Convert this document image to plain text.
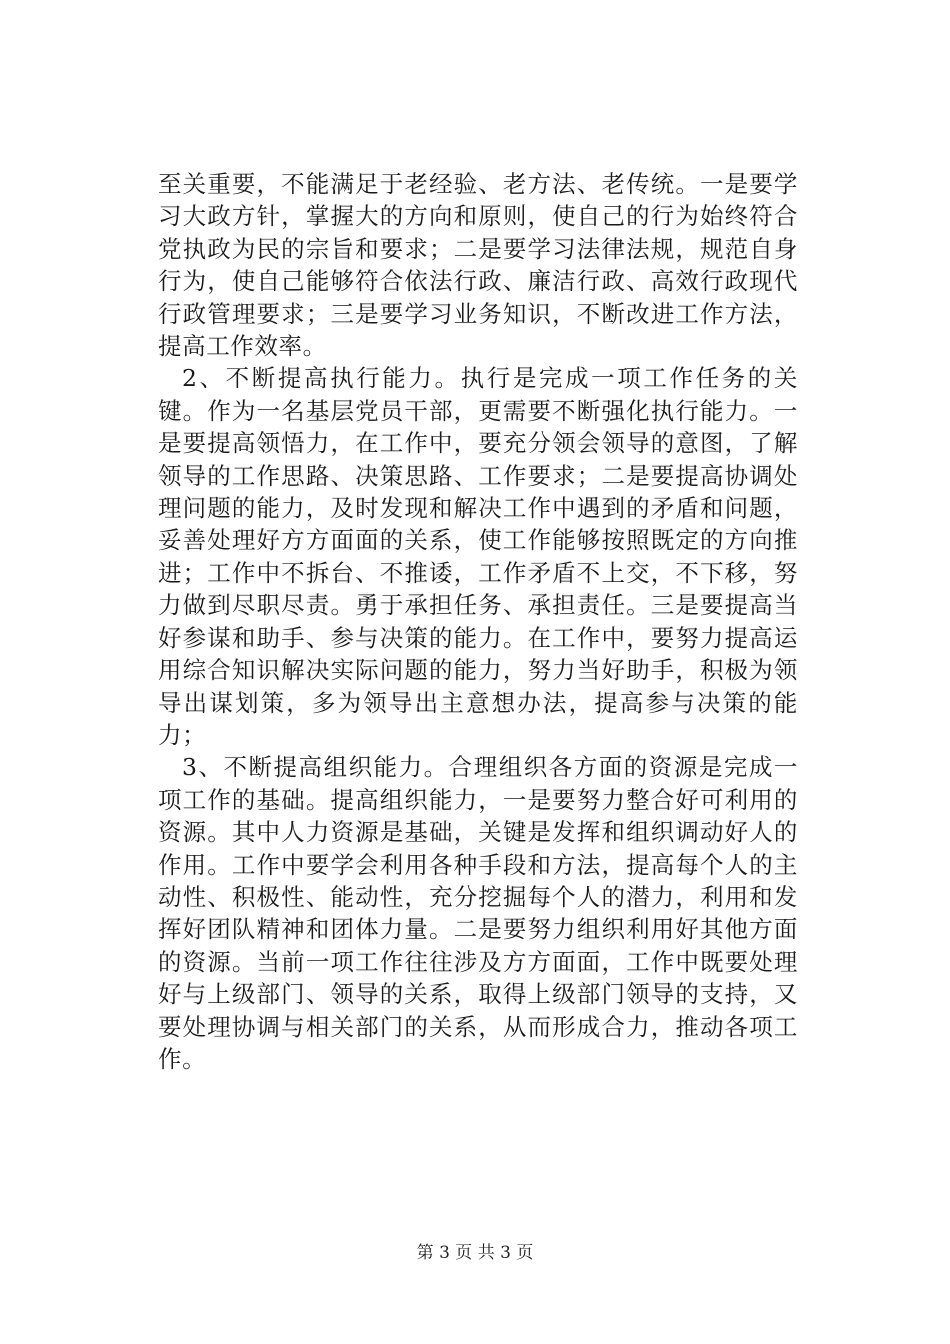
至关重要，不能满足于老经验、老方法、老传统。一是要学习大政方针，掌握大的方向和原则，使自己的行为始终符合党执政为民的宗旨和要求；二是要学习法律法规，规范自身行为，使自己能够符合依法行政、廉洁行政、高效行政现代行政管理要求；三是要学习业务知识，不断改进工作方法，提高工作效率。

2、不断提高执行能力。执行是完成一项工作任务的关键。作为一名基层党员干部，更需要不断强化执行能力。一是要提高领悟力，在工作中，要充分领会领导的意图，了解领导的工作思路、决策思路、工作要求；二是要提高协调处理问题的能力，及时发现和解决工作中遇到的矛盾和问题，妥善处理好方方面面的关系，使工作能够按照既定的方向推进；工作中不拆台、不推诿，工作矛盾不上交，不下移，努力做到尽职尽责。勇于承担任务、承担责任。三是要提高当好参谋和助手、参与决策的能力。在工作中，要努力提高运用综合知识解决实际问题的能力，努力当好助手，积极为领导出谋划策，多为领导出主意想办法，提高参与决策的能力；

3、不断提高组织能力。合理组织各方面的资源是完成一项工作的基础。提高组织能力，一是要努力整合好可利用的资源。其中人力资源是基础，关键是发挥和组织调动好人的作用。工作中要学会利用各种手段和方法，提高每个人的主动性、积极性、能动性，充分挖掘每个人的潜力，利用和发挥好团队精神和团体力量。二是要努力组织利用好其他方面的资源。当前一项工作往往涉及方方面面，工作中既要处理好与上级部门、领导的关系，取得上级部门领导的支持，又要处理协调与相关部门的关系，从而形成合力，推动各项工作。

第 3 页 共 3 页
